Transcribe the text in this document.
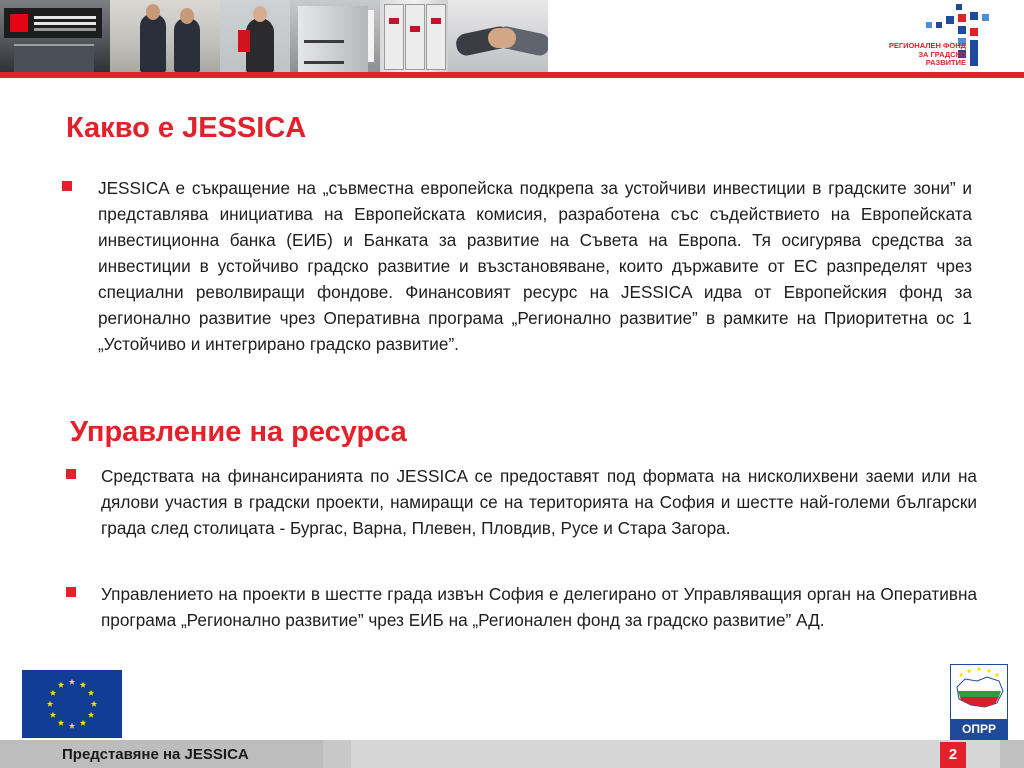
РЕГИОНАЛЕН ФОНД
ЗА ГРАДСКО
РАЗВИТИЕ
Какво е JESSICA

JESSICA е съкращение на „съвместна европейска подкрепа за устойчиви инвестиции в градските зони” и представлява инициатива на Европейската комисия, разработена със съдействието на Европейската инвестиционна банка (ЕИБ) и Банката за развитие на Съвета на Европа. Тя осигурява средства за инвестиции в устойчиво градско развитие и възстановяване, които държавите от ЕС разпределят чрез специални револвиращи фондове. Финансовият ресурс на JESSICA идва от Европейския фонд за регионално развитие чрез Оперативна програма „Регионално развитие” в рамките на Приоритетна ос 1 „Устойчиво и интегрирано градско развитие”.

Управление на ресурса

Средствата на финансиранията по JESSICA се предоставят под формата на нисколихвени заеми или на дялови участия в градски проекти, намиращи се на територията на София и шестте най-големи български града след столицата - Бургас, Варна, Плевен, Пловдив, Русе и Стара Загора.

Управлението на проекти в шестте града извън София е делегирано от Управляващия орган на Оперативна програма „Регионално развитие” чрез ЕИБ на „Регионален фонд за градско развитие” АД.

ОПРР
Представяне на JESSICA	2
